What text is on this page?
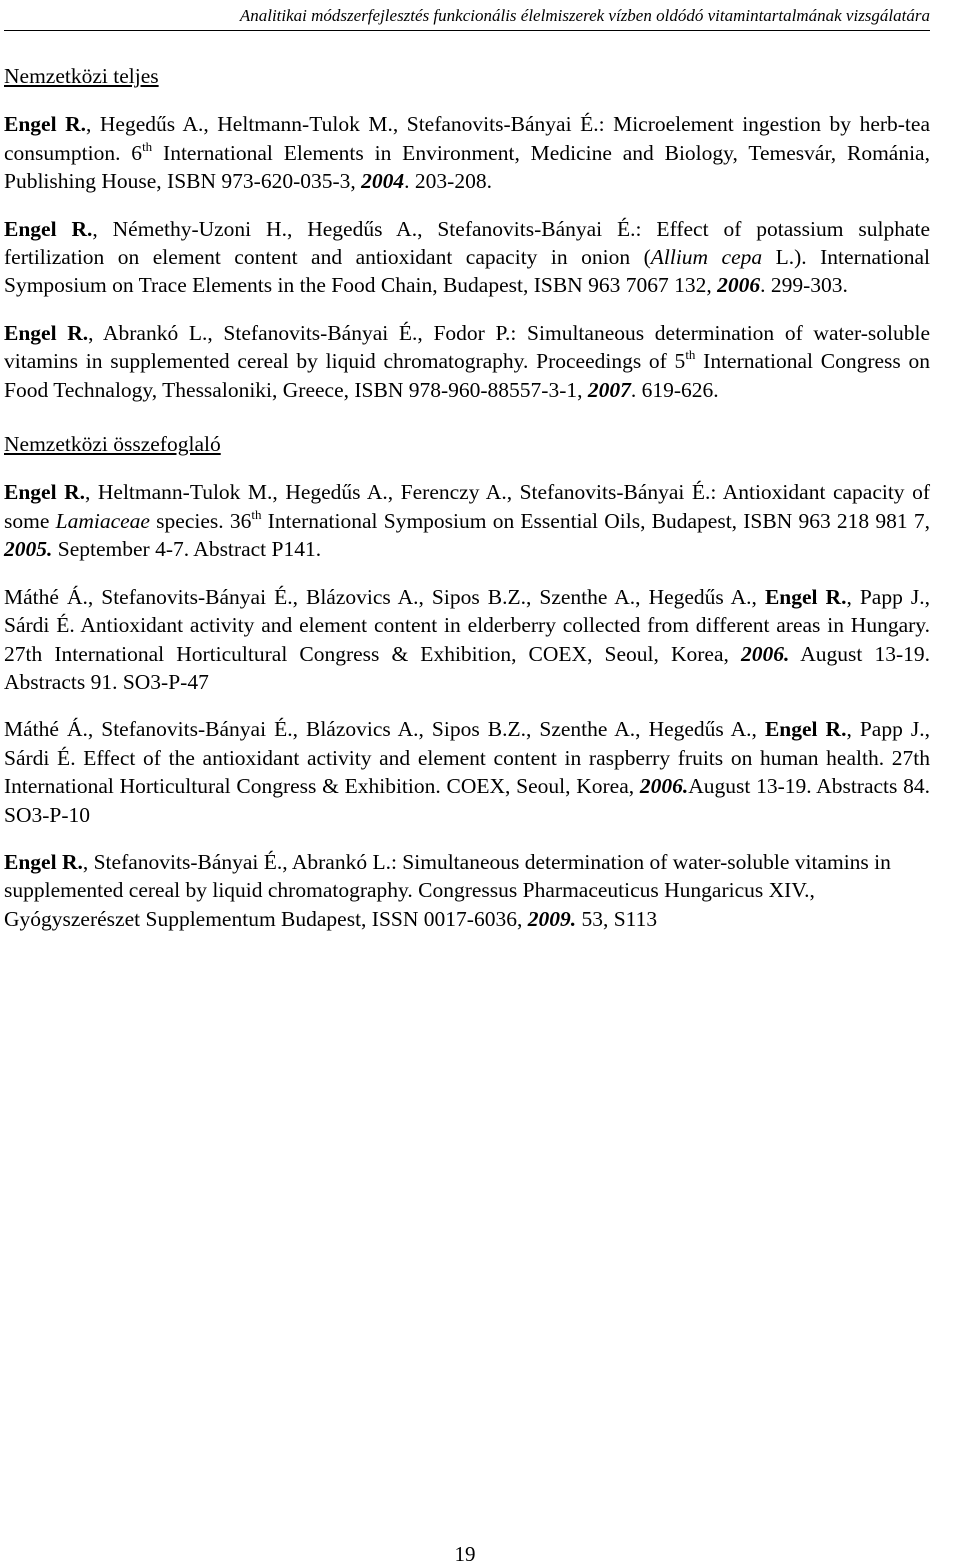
Analitikai módszerfejlesztés funkcionális élelmiszerek vízben oldódó vitamintartalmának vizsgálatára
Nemzetközi teljes

Engel R., Hegedűs A., Heltmann-Tulok M., Stefanovits-Bányai É.: Microelement ingestion by herb-tea consumption. 6th International Elements in Environment, Medicine and Biology, Temesvár, Románia, Publishing House, ISBN 973-620-035-3, 2004. 203-208.

Engel R., Némethy-Uzoni H., Hegedűs A., Stefanovits-Bányai É.: Effect of potassium sulphate fertilization on element content and antioxidant capacity in onion (Allium cepa L.). International Symposium on Trace Elements in the Food Chain, Budapest, ISBN 963 7067 132, 2006. 299-303.

Engel R., Abrankó L., Stefanovits-Bányai É., Fodor P.: Simultaneous determination of water-soluble vitamins in supplemented cereal by liquid chromatography. Proceedings of 5th International Congress on Food Technalogy, Thessaloniki, Greece, ISBN 978-960-88557-3-1, 2007. 619-626.

Nemzetközi összefoglaló

Engel R., Heltmann-Tulok M., Hegedűs A., Ferenczy A., Stefanovits-Bányai É.: Antioxidant capacity of some Lamiaceae species. 36th International Symposium on Essential Oils, Budapest, ISBN 963 218 981 7, 2005. September 4-7. Abstract P141.

Máthé Á., Stefanovits-Bányai É., Blázovics A., Sipos B.Z., Szenthe A., Hegedűs A., Engel R., Papp J., Sárdi É. Antioxidant activity and element content in elderberry collected from different areas in Hungary. 27th International Horticultural Congress & Exhibition, COEX, Seoul, Korea, 2006. August 13-19. Abstracts 91. SO3-P-47

Máthé Á., Stefanovits-Bányai É., Blázovics A., Sipos B.Z., Szenthe A., Hegedűs A., Engel R., Papp J., Sárdi É. Effect of the antioxidant activity and element content in raspberry fruits on human health. 27th International Horticultural Congress & Exhibition. COEX, Seoul, Korea, 2006.August 13-19. Abstracts 84. SO3-P-10

Engel R., Stefanovits-Bányai É., Abrankó L.: Simultaneous determination of water-soluble vitamins in supplemented cereal by liquid chromatography. Congressus Pharmaceuticus Hungaricus XIV., Gyógyszerészet Supplementum Budapest, ISSN 0017-6036, 2009. 53, S113

19
